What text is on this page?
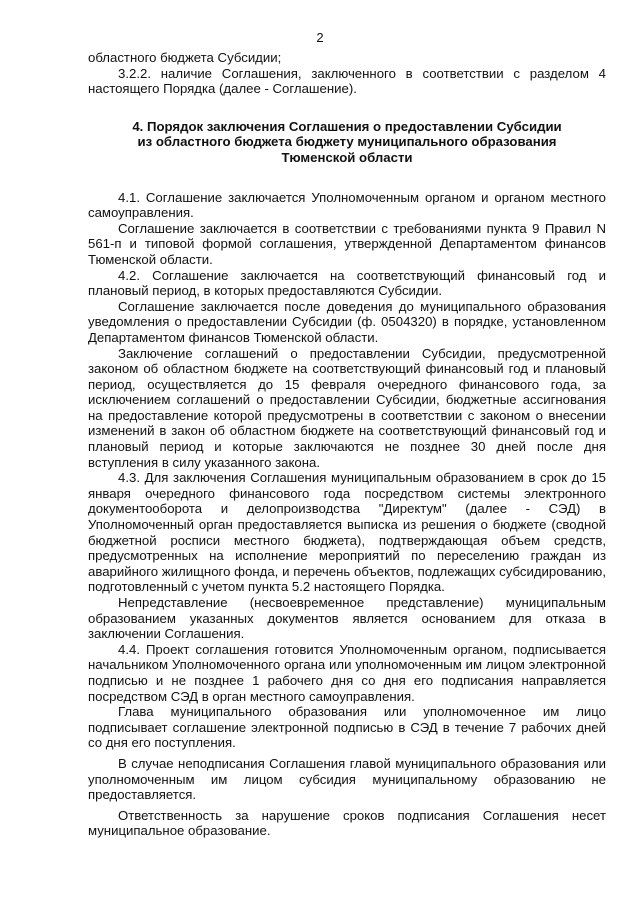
2

областного бюджета Субсидии;

3.2.2. наличие Соглашения, заключенного в соответствии с разделом 4 настоящего Порядка (далее - Соглашение).

4. Порядок заключения Соглашения о предоставлении Субсидии
из областного бюджета бюджету муниципального образования
Тюменской области

4.1. Соглашение заключается Уполномоченным органом и органом местного самоуправления.

Соглашение заключается в соответствии с требованиями пункта 9 Правил N 561-п и типовой формой соглашения, утвержденной Департаментом финансов Тюменской области.

4.2. Соглашение заключается на соответствующий финансовый год и плановый период, в которых предоставляются Субсидии.

Соглашение заключается после доведения до муниципального образования уведомления о предоставлении Субсидии (ф. 0504320) в порядке, установленном Департаментом финансов Тюменской области.

Заключение соглашений о предоставлении Субсидии, предусмотренной законом об областном бюджете на соответствующий финансовый год и плановый период, осуществляется до 15 февраля очередного финансового года, за исключением соглашений о предоставлении Субсидии, бюджетные ассигнования на предоставление которой предусмотрены в соответствии с законом о внесении изменений в закон об областном бюджете на соответствующий финансовый год и плановый период и которые заключаются не позднее 30 дней после дня вступления в силу указанного закона.

4.3. Для заключения Соглашения муниципальным образованием в срок до 15 января очередного финансового года посредством системы электронного документооборота и делопроизводства "Директум" (далее - СЭД) в Уполномоченный орган предоставляется выписка из решения о бюджете (сводной бюджетной росписи местного бюджета), подтверждающая объем средств, предусмотренных на исполнение мероприятий по переселению граждан из аварийного жилищного фонда, и перечень объектов, подлежащих субсидированию, подготовленный с учетом пункта 5.2 настоящего Порядка.

Непредставление (несвоевременное представление) муниципальным образованием указанных документов является основанием для отказа в заключении Соглашения.

4.4. Проект соглашения готовится Уполномоченным органом, подписывается начальником Уполномоченного органа или уполномоченным им лицом электронной подписью и не позднее 1 рабочего дня со дня его подписания направляется посредством СЭД в орган местного самоуправления.

Глава муниципального образования или уполномоченное им лицо подписывает соглашение электронной подписью в СЭД в течение 7 рабочих дней со дня его поступления.

В случае неподписания Соглашения главой муниципального образования или уполномоченным им лицом субсидия муниципальному образованию не предоставляется.

Ответственность за нарушение сроков подписания Соглашения несет муниципальное образование.
